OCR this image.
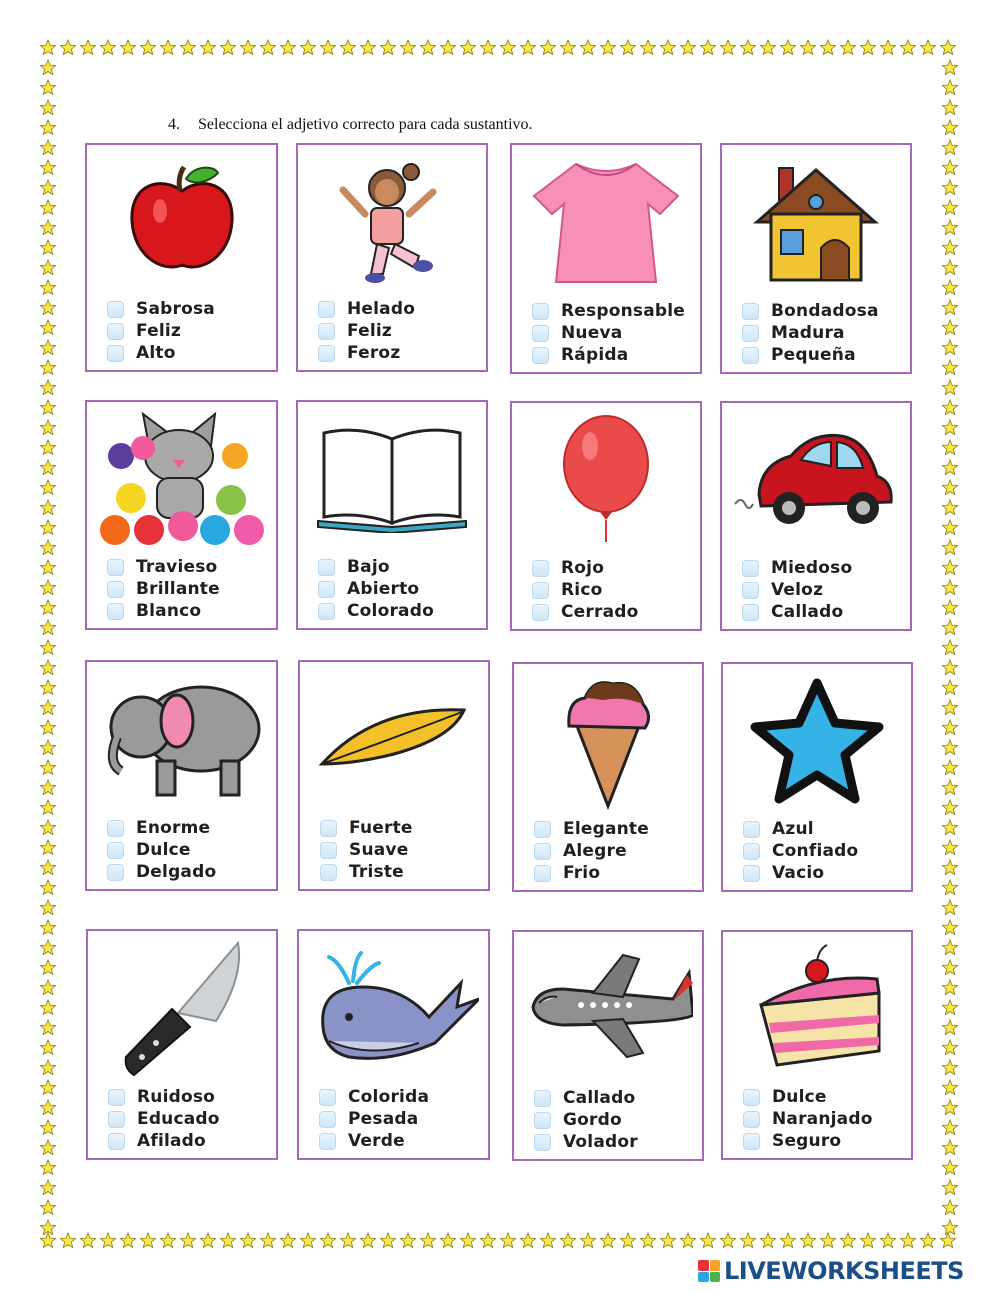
4. Selecciona el adjetivo correcto para cada sustantivo.
Sabrosa
Feliz
Alto
Helado
Feliz
Feroz
Responsable
Nueva
Rápida
Bondadosa
Madura
Pequeña
Travieso
Brillante
Blanco
Bajo
Abierto
Colorado
Rojo
Rico
Cerrado
Miedoso
Veloz
Callado
Enorme
Dulce
Delgado
Fuerte
Suave
Triste
Elegante
Alegre
Frio
Azul
Confiado
Vacio
Ruidoso
Educado
Afilado
Colorida
Pesada
Verde
Callado
Gordo
Volador
Dulce
Naranjado
Seguro
LIVEWORKSHEETS
